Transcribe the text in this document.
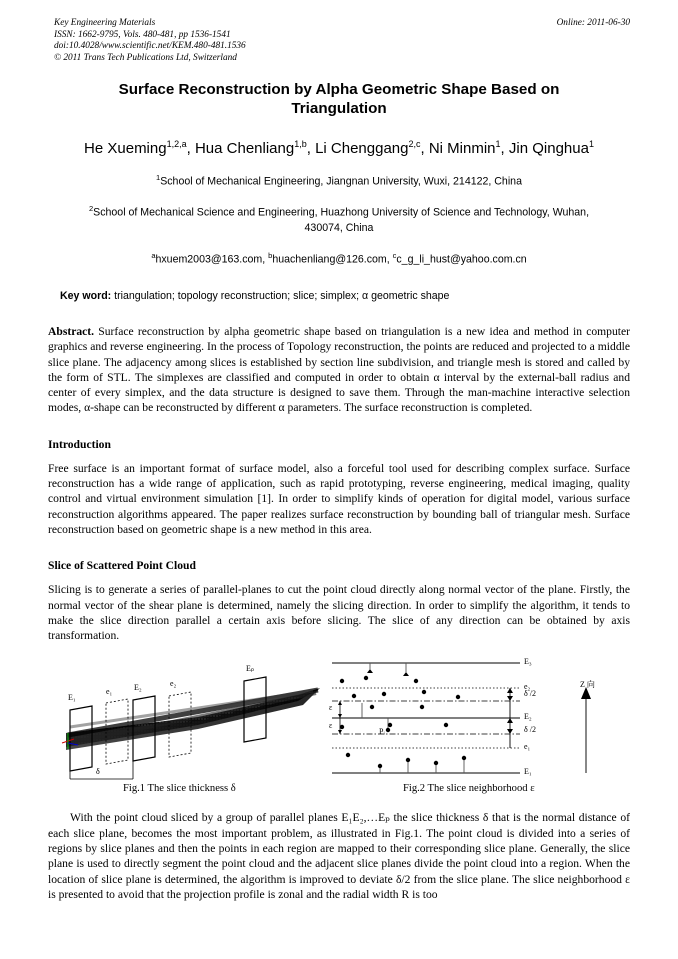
Key Engineering Materials
ISSN: 1662-9795, Vols. 480-481, pp 1536-1541
doi:10.4028/www.scientific.net/KEM.480-481.1536
© 2011 Trans Tech Publications Ltd, Switzerland
Online: 2011-06-30
Surface Reconstruction by Alpha Geometric Shape Based on Triangulation
He Xueming$^{1,2,a}$, Hua Chenliang$^{1,b}$, Li Chenggang$^{2,c}$, Ni Minmin$^1$, Jin Qinghua$^1$
$^1$School of Mechanical Engineering, Jiangnan University, Wuxi, 214122, China
$^2$School of Mechanical Science and Engineering, Huazhong University of Science and Technology, Wuhan, 430074, China
$^a$hxuem2003@163.com, $^b$huachenliang@126.com, $^c$c_g_li_hust@yahoo.com.cn
Key word: triangulation; topology reconstruction; slice; simplex; α geometric shape
Abstract. Surface reconstruction by alpha geometric shape based on triangulation is a new idea and method in computer graphics and reverse engineering. In the process of Topology reconstruction, the points are reduced and projected to a middle slice plane. The adjacency among slices is established by section line subdivision, and triangle mesh is stored and called by the form of STL. The simplexes are classified and computed in order to obtain α interval by the external-ball radius and center of every simplex, and the data structure is designed to save them. Through the man-machine interactive selection modes, α-shape can be reconstructed by different α parameters. The surface reconstruction is completed.
Introduction
Free surface is an important format of surface model, also a forceful tool used for describing complex surface. Surface reconstruction has a wide range of application, such as rapid prototyping, reverse engineering, medical imaging, quality control and virtual environment simulation [1]. In order to simplify kinds of operation for digital model, various surface reconstruction algorithms appeared. The paper realizes surface reconstruction by bounding ball of triangular mesh. Surface reconstruction based on geometric shape is a new method in this area.
Slice of Scattered Point Cloud
Slicing is to generate a series of parallel-planes to cut the point cloud directly along normal vector of the plane. Firstly, the normal vector of the shear plane is determined, namely the slicing direction. In order to simplify the algorithm, it tends to make the slice direction parallel a certain axis before slicing. The slice of any direction can be obtained by axis transformation.
E₁
e₁	E₂	e₂
Eₚ
δ
E₃
e₂
δ /2
E₂
δ /2
e₁
E₁
ε
ε
Pᵢ
Z 向
Fig.1 The slice thickness δ	Fig.2 The slice neighborhood ε
With the point cloud sliced by a group of parallel planes E₁E₂,…Eₚ the slice thickness δ that is the normal distance of each slice plane, becomes the most important problem, as illustrated in Fig.1. The point cloud is divided into a series of regions by slice planes and then the points in each region are mapped to their corresponding slice plane. Generally, the slice plane is used to directly segment the point cloud and the adjacent slice planes divide the point cloud into a region. When the location of slice plane is determined, the algorithm is improved to deviate δ/2 from the slice plane. The slice neighborhood ε is presented to avoid that the projection profile is zonal and the radial width R is too
